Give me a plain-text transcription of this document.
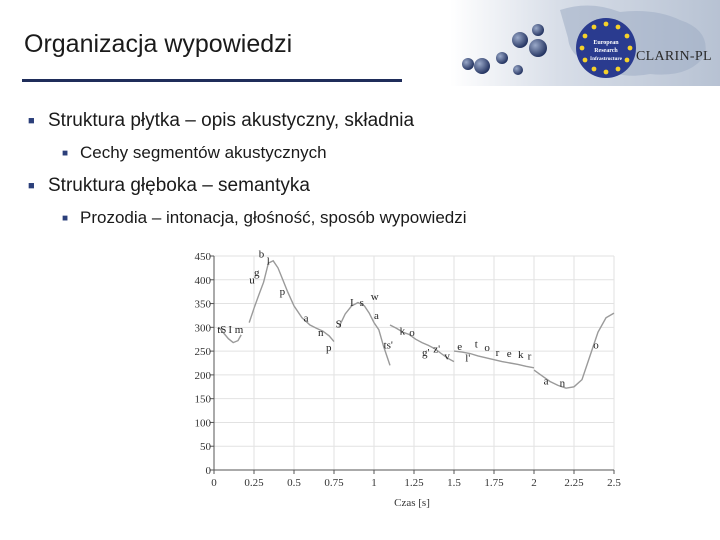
Organizacja wypowiedzi	European
Research
Infrastructure CLARIN-PL
■ Struktura płytka – opis akustyczny, składnia
■ Cechy segmentów akustycznych
■ Struktura głęboka – semantyka
■ Prozodia – intonacja, głośność, sposób wypowiedzi
0	0.25 0.5 0.75	1	1.25 1.5 1.75	2	2.25 2.5
0
50
100
150
200
250
300
350
400
450
tS I m
u
g
b
l
p
a
n
p
S
I s
w
a
ts'
k o
g' z'
v
e
l'
t o r e k r
a n
o
Czas [s]
